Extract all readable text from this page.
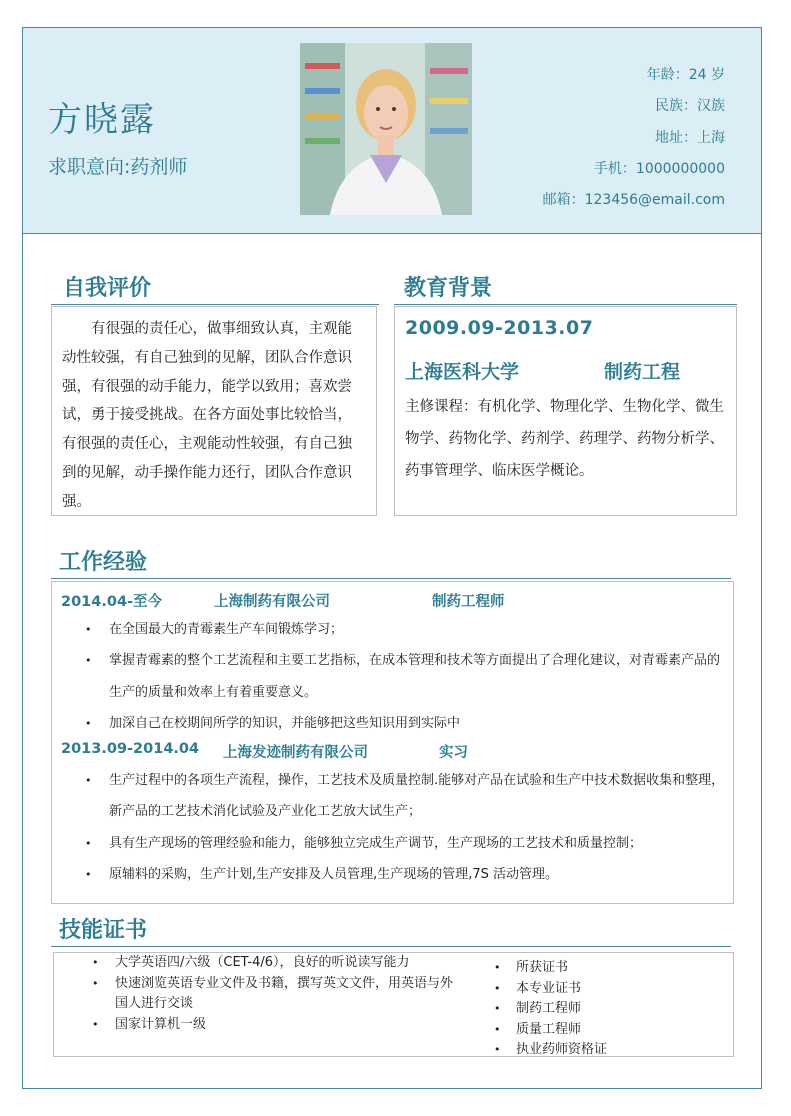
方晓露
求职意向:药剂师
年龄：24 岁
民族：汉族
地址：上海
手机：1000000000
邮箱：123456@email.com
自我评价
有很强的责任心，做事细致认真，主观能动性较强，有自己独到的见解，团队合作意识强，有很强的动手能力，能学以致用；喜欢尝试，勇于接受挑战。在各方面处事比较恰当，有很强的责任心，主观能动性较强，有自己独到的见解，动手操作能力还行，团队合作意识强。
教育背景
2009.09-2013.07
上海医科大学	制药工程
主修课程：有机化学、物理化学、生物化学、微生物学、药物化学、药剂学、药理学、药物分析学、药事管理学、临床医学概论。
工作经验
2014.04-至今	上海制药有限公司	制药工程师
• 在全国最大的青霉素生产车间锻炼学习；
• 掌握青霉素的整个工艺流程和主要工艺指标，在成本管理和技术等方面提出了合理化建议，对青霉素产品的生产的质量和效率上有着重要意义。
• 加深自己在校期间所学的知识，并能够把这些知识用到实际中
2013.09-2014.04 上海发迹制药有限公司	实习
• 生产过程中的各项生产流程，操作，工艺技术及质量控制.能够对产品在试验和生产中技术数据收集和整理，新产品的工艺技术消化试验及产业化工艺放大试生产；
• 具有生产现场的管理经验和能力，能够独立完成生产调节，生产现场的工艺技术和质量控制；
• 原辅料的采购，生产计划,生产安排及人员管理,生产现场的管理,7S 活动管理。
技能证书
• 大学英语四/六级（CET-4/6），良好的听说读写能力
• 快速浏览英语专业文件及书籍，撰写英文文件，用英语与外国人进行交谈
• 国家计算机一级
• 所获证书
• 本专业证书
• 制药工程师
• 质量工程师
• 执业药师资格证
